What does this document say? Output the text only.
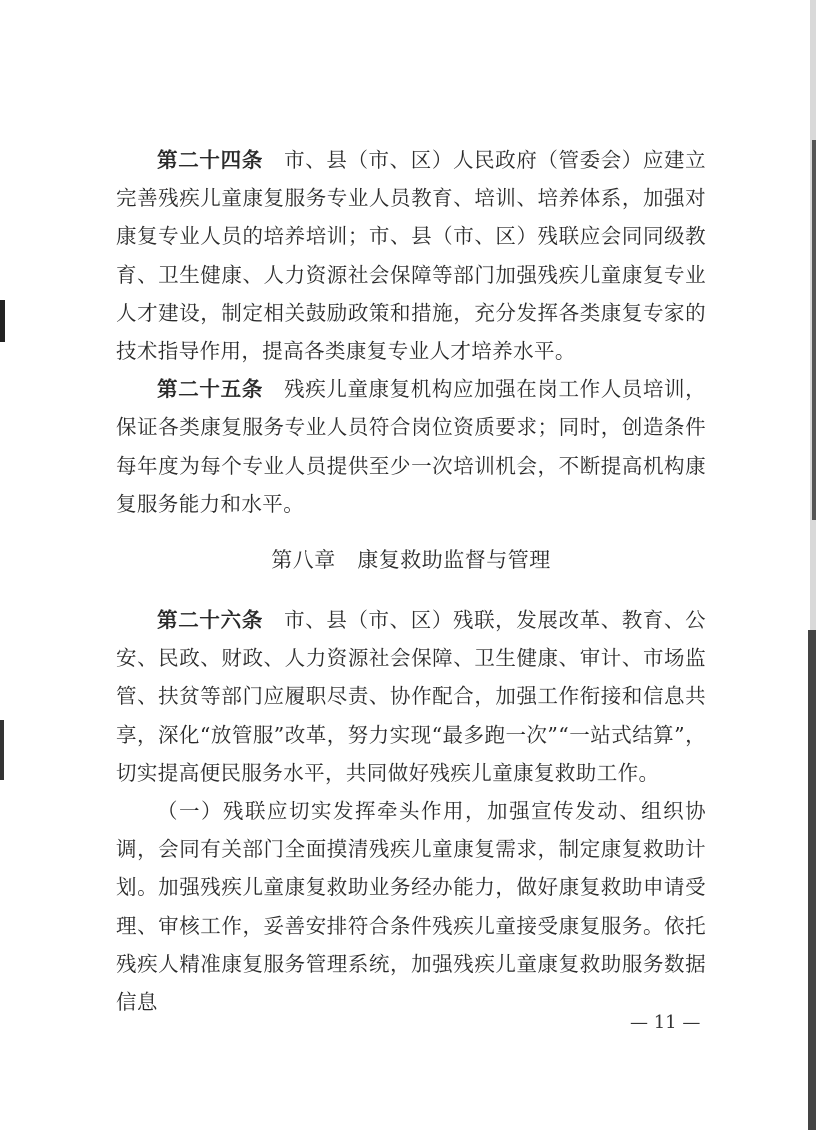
第二十四条　 市、县（市、区）人民政府（管委会）应建立完善残疾儿童康复服务专业人员教育、培训、培养体系，加强对康复专业人员的培养培训；市、县（市、区）残联应会同同级教育、卫生健康、人力资源社会保障等部门加强残疾儿童康复专业人才建设，制定相关鼓励政策和措施，充分发挥各类康复专家的技术指导作用，提高各类康复专业人才培养水平。

第二十五条　 残疾儿童康复机构应加强在岗工作人员培训，保证各类康复服务专业人员符合岗位资质要求；同时，创造条件每年度为每个专业人员提供至少一次培训机会，不断提高机构康复服务能力和水平。

第八章　康复救助监督与管理

第二十六条　 市、县（市、区）残联，发展改革、教育、公安、民政、财政、人力资源社会保障、卫生健康、审计、市场监管、扶贫等部门应履职尽责、协作配合，加强工作衔接和信息共享，深化“放管服”改革，努力实现“最多跑一次”“一站式结算”，切实提高便民服务水平，共同做好残疾儿童康复救助工作。

（一）残联应切实发挥牵头作用，加强宣传发动、组织协调，会同有关部门全面摸清残疾儿童康复需求，制定康复救助计划。加强残疾儿童康复救助业务经办能力，做好康复救助申请受理、审核工作，妥善安排符合条件残疾儿童接受康复服务。依托残疾人精准康复服务管理系统，加强残疾儿童康复救助服务数据信息

— 11 —
